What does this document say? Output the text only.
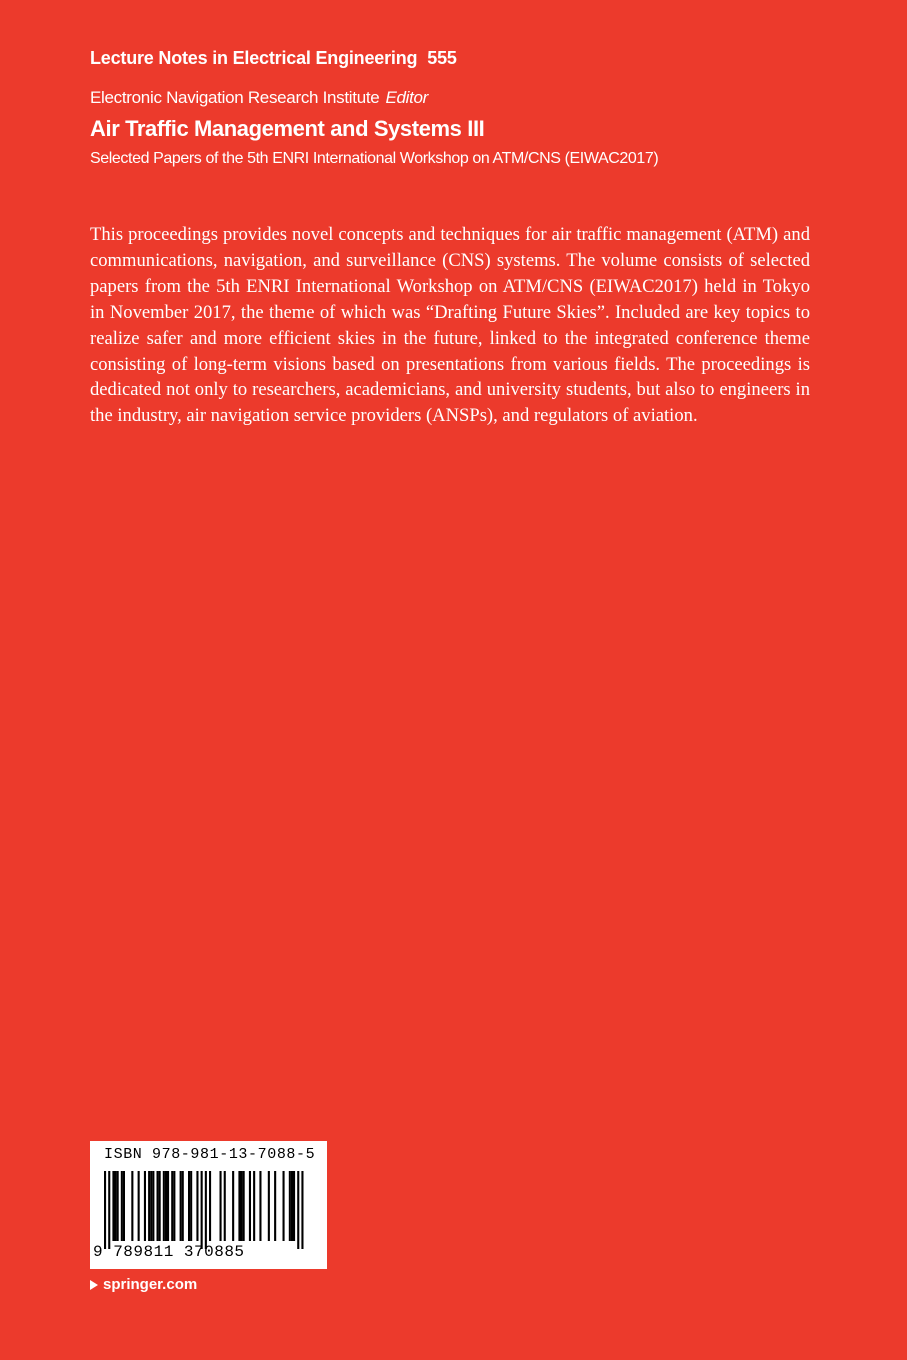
Lecture Notes in Electrical Engineering 555
Electronic Navigation Research Institute Editor
Air Traffic Management and Systems III
Selected Papers of the 5th ENRI International Workshop on ATM/CNS (EIWAC2017)

This proceedings provides novel concepts and techniques for air traffic management (ATM) and communications, navigation, and surveillance (CNS) systems. The volume consists of selected papers from the 5th ENRI International Workshop on ATM/CNS (EIWAC2017) held in Tokyo in November 2017, the theme of which was “Drafting Future Skies”. Included are key topics to realize safer and more efficient skies in the future, linked to the integrated conference theme consisting of long-term visions based on presentations from various fields. The proceedings is dedicated not only to researchers, academicians, and university students, but also to engineers in the industry, air navigation service providers (ANSPs), and regulators of aviation.

ISBN 978-981-13-7088-5
9 789811 370885
springer.com
